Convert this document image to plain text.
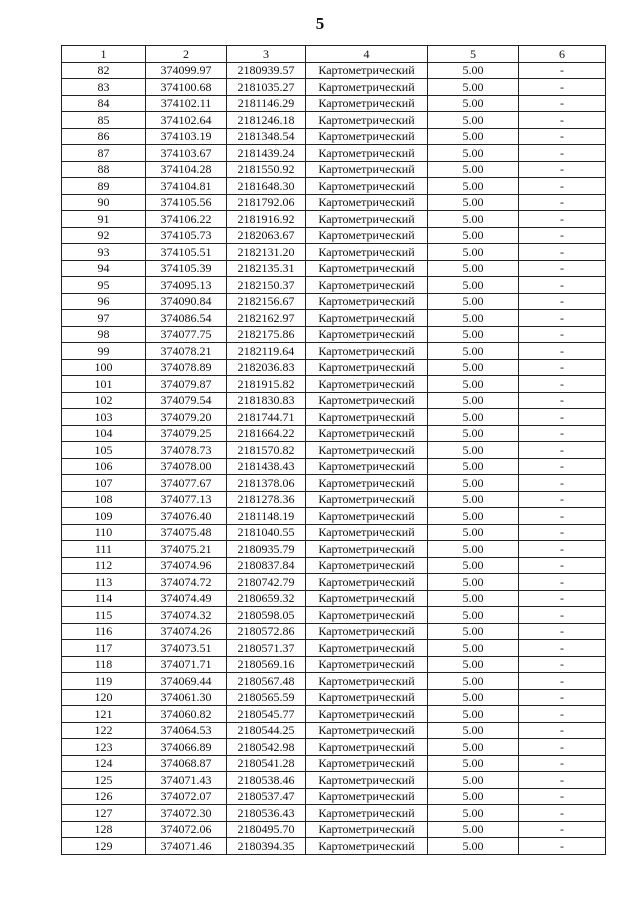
5
1	2	3	4	5	6
82	374099.97	2180939.57	Картометрический	5.00	-
83	374100.68	2181035.27	Картометрический	5.00	-
84	374102.11	2181146.29	Картометрический	5.00	-
85	374102.64	2181246.18	Картометрический	5.00	-
86	374103.19	2181348.54	Картометрический	5.00	-
87	374103.67	2181439.24	Картометрический	5.00	-
88	374104.28	2181550.92	Картометрический	5.00	-
89	374104.81	2181648.30	Картометрический	5.00	-
90	374105.56	2181792.06	Картометрический	5.00	-
91	374106.22	2181916.92	Картометрический	5.00	-
92	374105.73	2182063.67	Картометрический	5.00	-
93	374105.51	2182131.20	Картометрический	5.00	-
94	374105.39	2182135.31	Картометрический	5.00	-
95	374095.13	2182150.37	Картометрический	5.00	-
96	374090.84	2182156.67	Картометрический	5.00	-
97	374086.54	2182162.97	Картометрический	5.00	-
98	374077.75	2182175.86	Картометрический	5.00	-
99	374078.21	2182119.64	Картометрический	5.00	-
100	374078.89	2182036.83	Картометрический	5.00	-
101	374079.87	2181915.82	Картометрический	5.00	-
102	374079.54	2181830.83	Картометрический	5.00	-
103	374079.20	2181744.71	Картометрический	5.00	-
104	374079.25	2181664.22	Картометрический	5.00	-
105	374078.73	2181570.82	Картометрический	5.00	-
106	374078.00	2181438.43	Картометрический	5.00	-
107	374077.67	2181378.06	Картометрический	5.00	-
108	374077.13	2181278.36	Картометрический	5.00	-
109	374076.40	2181148.19	Картометрический	5.00	-
110	374075.48	2181040.55	Картометрический	5.00	-
111	374075.21	2180935.79	Картометрический	5.00	-
112	374074.96	2180837.84	Картометрический	5.00	-
113	374074.72	2180742.79	Картометрический	5.00	-
114	374074.49	2180659.32	Картометрический	5.00	-
115	374074.32	2180598.05	Картометрический	5.00	-
116	374074.26	2180572.86	Картометрический	5.00	-
117	374073.51	2180571.37	Картометрический	5.00	-
118	374071.71	2180569.16	Картометрический	5.00	-
119	374069.44	2180567.48	Картометрический	5.00	-
120	374061.30	2180565.59	Картометрический	5.00	-
121	374060.82	2180545.77	Картометрический	5.00	-
122	374064.53	2180544.25	Картометрический	5.00	-
123	374066.89	2180542.98	Картометрический	5.00	-
124	374068.87	2180541.28	Картометрический	5.00	-
125	374071.43	2180538.46	Картометрический	5.00	-
126	374072.07	2180537.47	Картометрический	5.00	-
127	374072.30	2180536.43	Картометрический	5.00	-
128	374072.06	2180495.70	Картометрический	5.00	-
129	374071.46	2180394.35	Картометрический	5.00	-
